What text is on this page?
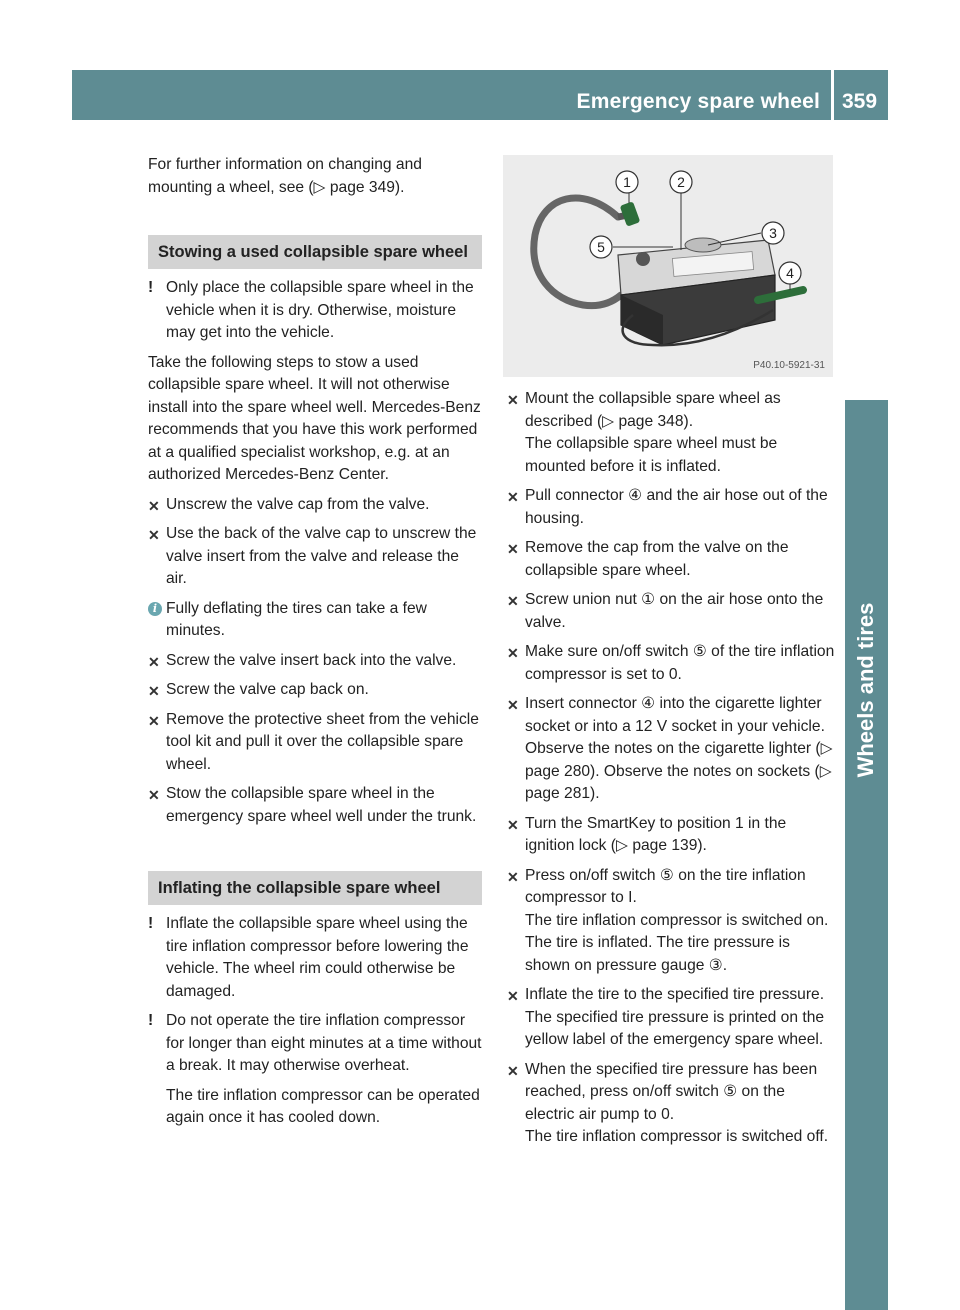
Emergency spare wheel 359
Wheels and tires

For further information on changing and mounting a wheel, see (▷ page 349).

Stowing a used collapsible spare wheel
! Only place the collapsible spare wheel in the vehicle when it is dry. Otherwise, moisture may get into the vehicle.

Take the following steps to stow a used collapsible spare wheel. It will not otherwise install into the spare wheel well. Mercedes-Benz recommends that you have this work performed at a qualified specialist workshop, e.g. at an authorized Mercedes-Benz Center.

✕ Unscrew the valve cap from the valve.
✕ Use the back of the valve cap to unscrew the valve insert from the valve and release the air.
i Fully deflating the tires can take a few minutes.
✕ Screw the valve insert back into the valve.
✕ Screw the valve cap back on.
✕ Remove the protective sheet from the vehicle tool kit and pull it over the collapsible spare wheel.
✕ Stow the collapsible spare wheel in the emergency spare wheel well under the trunk.
Inflating the collapsible spare wheel
! Inflate the collapsible spare wheel using the tire inflation compressor before lowering the vehicle. The wheel rim could otherwise be damaged.
! Do not operate the tire inflation compressor for longer than eight minutes at a time without a break. It may otherwise overheat.
The tire inflation compressor can be operated again once it has cooled down.
1	2
3
4
5
P40.10-5921-31
✕ Mount the collapsible spare wheel as described (▷ page 348).
The collapsible spare wheel must be mounted before it is inflated.
✕ Pull connector ④ and the air hose out of the housing.
✕ Remove the cap from the valve on the collapsible spare wheel.
✕ Screw union nut ① on the air hose onto the valve.
✕ Make sure on/off switch ⑤ of the tire inflation compressor is set to 0.
✕ Insert connector ④ into the cigarette lighter socket or into a 12 V socket in your vehicle.
Observe the notes on the cigarette lighter (▷ page 280). Observe the notes on sockets (▷ page 281).
✕ Turn the SmartKey to position 1 in the ignition lock (▷ page 139).
✕ Press on/off switch ⑤ on the tire inflation compressor to I.
The tire inflation compressor is switched on. The tire is inflated. The tire pressure is shown on pressure gauge ③.
✕ Inflate the tire to the specified tire pressure.
The specified tire pressure is printed on the yellow label of the emergency spare wheel.
✕ When the specified tire pressure has been reached, press on/off switch ⑤ on the electric air pump to 0.
The tire inflation compressor is switched off.
